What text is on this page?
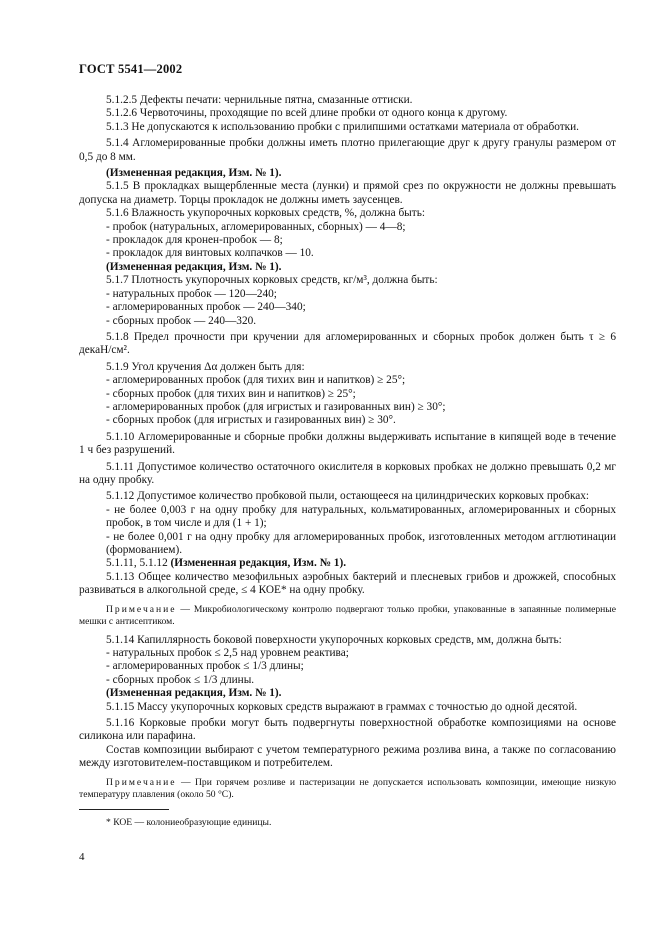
ГОСТ 5541—2002

5.1.2.5 Дефекты печати: чернильные пятна, смазанные оттиски.

5.1.2.6 Червоточины, проходящие по всей длине пробки от одного конца к другому.

5.1.3 Не допускаются к использованию пробки с прилипшими остатками материала от обработки.

5.1.4 Агломерированные пробки должны иметь плотно прилегающие друг к другу гранулы размером от 0,5 до 8 мм.

(Измененная редакция, Изм. № 1).

5.1.5 В прокладках выщербленные места (лунки) и прямой срез по окружности не должны превышать допуска на диаметр. Торцы прокладок не должны иметь заусенцев.

5.1.6 Влажность укупорочных корковых средств, %, должна быть:

- пробок (натуральных, агломерированных, сборных) — 4—8;

- прокладок для кронен-пробок — 8;

- прокладок для винтовых колпачков — 10.

(Измененная редакция, Изм. № 1).

5.1.7 Плотность укупорочных корковых средств, кг/м³, должна быть:

- натуральных пробок — 120—240;

- агломерированных пробок — 240—340;

- сборных пробок — 240—320.

5.1.8 Предел прочности при кручении для агломерированных и сборных пробок должен быть τ ≥ 6 декаН/см².

5.1.9 Угол кручения Δα должен быть для:

- агломерированных пробок (для тихих вин и напитков) ≥ 25°;

- сборных пробок (для тихих вин и напитков) ≥ 25°;

- агломерированных пробок (для игристых и газированных вин) ≥ 30°;

- сборных пробок (для игристых и газированных вин) ≥ 30°.

5.1.10 Агломерированные и сборные пробки должны выдерживать испытание в кипящей воде в течение 1 ч без разрушений.

5.1.11 Допустимое количество остаточного окислителя в корковых пробках не должно превышать 0,2 мг на одну пробку.

5.1.12 Допустимое количество пробковой пыли, остающееся на цилиндрических корковых пробках:

- не более 0,003 г на одну пробку для натуральных, кольматированных, агломерированных и сборных пробок, в том числе и для (1 + 1);

- не более 0,001 г на одну пробку для агломерированных пробок, изготовленных методом агглютинации (формованием).

5.1.11, 5.1.12 (Измененная редакция, Изм. № 1).

5.1.13 Общее количество мезофильных аэробных бактерий и плесневых грибов и дрожжей, способных развиваться в алкогольной среде, ≤ 4 КОЕ* на одну пробку.

Примечание — Микробиологическому контролю подвергают только пробки, упакованные в запаянные полимерные мешки с антисептиком.

5.1.14 Капиллярность боковой поверхности укупорочных корковых средств, мм, должна быть:

- натуральных пробок ≤ 2,5 над уровнем реактива;

- агломерированных пробок ≤ 1/3 длины;

- сборных пробок ≤ 1/3 длины.

(Измененная редакция, Изм. № 1).

5.1.15 Массу укупорочных корковых средств выражают в граммах с точностью до одной десятой.

5.1.16 Корковые пробки могут быть подвергнуты поверхностной обработке композициями на основе силикона или парафина.

Состав композиции выбирают с учетом температурного режима розлива вина, а также по согласованию между изготовителем-поставщиком и потребителем.

Примечание — При горячем розливе и пастеризации не допускается использовать композиции, имеющие низкую температуру плавления (около 50 °С).

* КОЕ — колониеобразующие единицы.

4
